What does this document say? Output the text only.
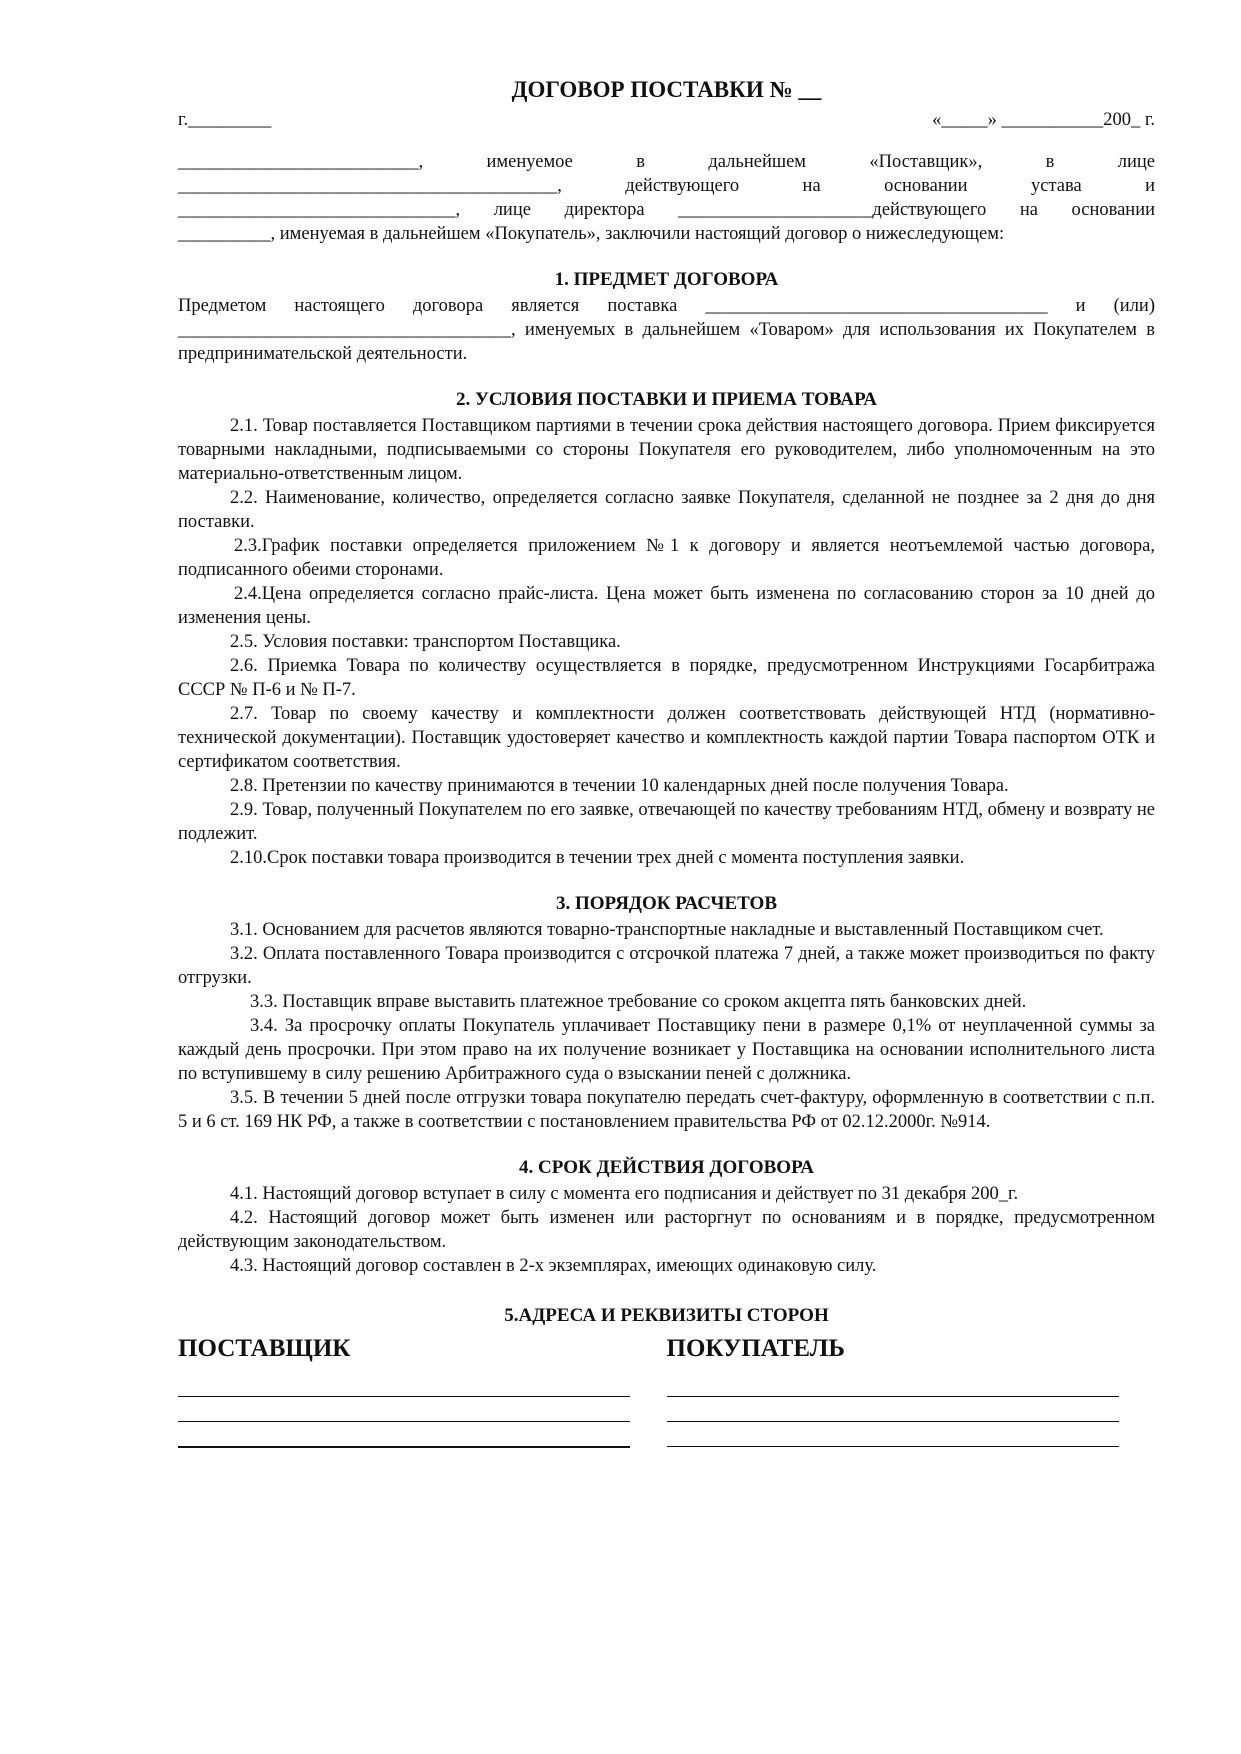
ДОГОВОР ПОСТАВКИ № __
г._________	«_____» ___________200_ г.

__________________________, именуемое в дальнейшем «Поставщик», в лице

_________________________________________, действующего на основании устава и

______________________________, лице директора _____________________действующего на основании

__________, именуемая в дальнейшем «Покупатель», заключили настоящий договор о нижеследующем:

1. ПРЕДМЕТ ДОГОВОРА

Предметом настоящего договора является поставка _____________________________________ и (или) ____________________________________, именуемых в дальнейшем «Товаром» для использования их Покупателем в предпринимательской деятельности.

2. УСЛОВИЯ ПОСТАВКИ И ПРИЕМА ТОВАРА

2.1. Товар поставляется Поставщиком партиями в течении срока действия настоящего договора. Прием фиксируется товарными накладными, подписываемыми со стороны Покупателя его руководителем, либо уполномоченным на это материально-ответственным лицом.

2.2. Наименование, количество, определяется согласно заявке Покупателя, сделанной не позднее за 2 дня до дня поставки.

2.3.График поставки определяется приложением №1 к договору и является неотъемлемой частью договора, подписанного обеими сторонами.

2.4.Цена определяется согласно прайс-листа. Цена может быть изменена по согласованию сторон за 10 дней до изменения цены.

2.5. Условия поставки: транспортом Поставщика.

2.6. Приемка Товара по количеству осуществляется в порядке, предусмотренном Инструкциями Госарбитража СССР № П-6 и № П-7.

2.7. Товар по своему качеству и комплектности должен соответствовать действующей НТД (нормативно-технической документации). Поставщик удостоверяет качество и комплектность каждой партии Товара паспортом ОТК и сертификатом соответствия.

2.8. Претензии по качеству принимаются в течении 10 календарных дней после получения Товара.

2.9. Товар, полученный Покупателем по его заявке, отвечающей по качеству требованиям НТД, обмену и возврату не подлежит.

2.10.Срок поставки товара производится в течении трех дней с момента поступления заявки.

3. ПОРЯДОК РАСЧЕТОВ

3.1. Основанием для расчетов являются товарно-транспортные накладные и выставленный Поставщиком счет.

3.2. Оплата поставленного Товара производится с отсрочкой платежа 7 дней, а также может производиться по факту отгрузки.

3.3. Поставщик вправе выставить платежное требование со сроком акцепта пять банковских дней.

3.4. За просрочку оплаты Покупатель уплачивает Поставщику пени в размере 0,1% от неуплаченной суммы за каждый день просрочки. При этом право на их получение возникает у Поставщика на основании исполнительного листа по вступившему в силу решению Арбитражного суда о взыскании пеней с должника.

3.5. В течении 5 дней после отгрузки товара покупателю передать счет-фактуру, оформленную в соответствии с п.п. 5 и 6 ст. 169 НК РФ, а также в соответствии с постановлением правительства РФ от 02.12.2000г. №914.

4. СРОК ДЕЙСТВИЯ ДОГОВОРА

4.1. Настоящий договор вступает в силу с момента его подписания и действует по 31 декабря 200_г.

4.2. Настоящий договор может быть изменен или расторгнут по основаниям и в порядке, предусмотренном действующим законодательством.

4.3. Настоящий договор составлен в 2-х экземплярах, имеющих одинаковую силу.

5.АДРЕСА И РЕКВИЗИТЫ СТОРОН
ПОСТАВЩИК	ПОКУПАТЕЛЬ
